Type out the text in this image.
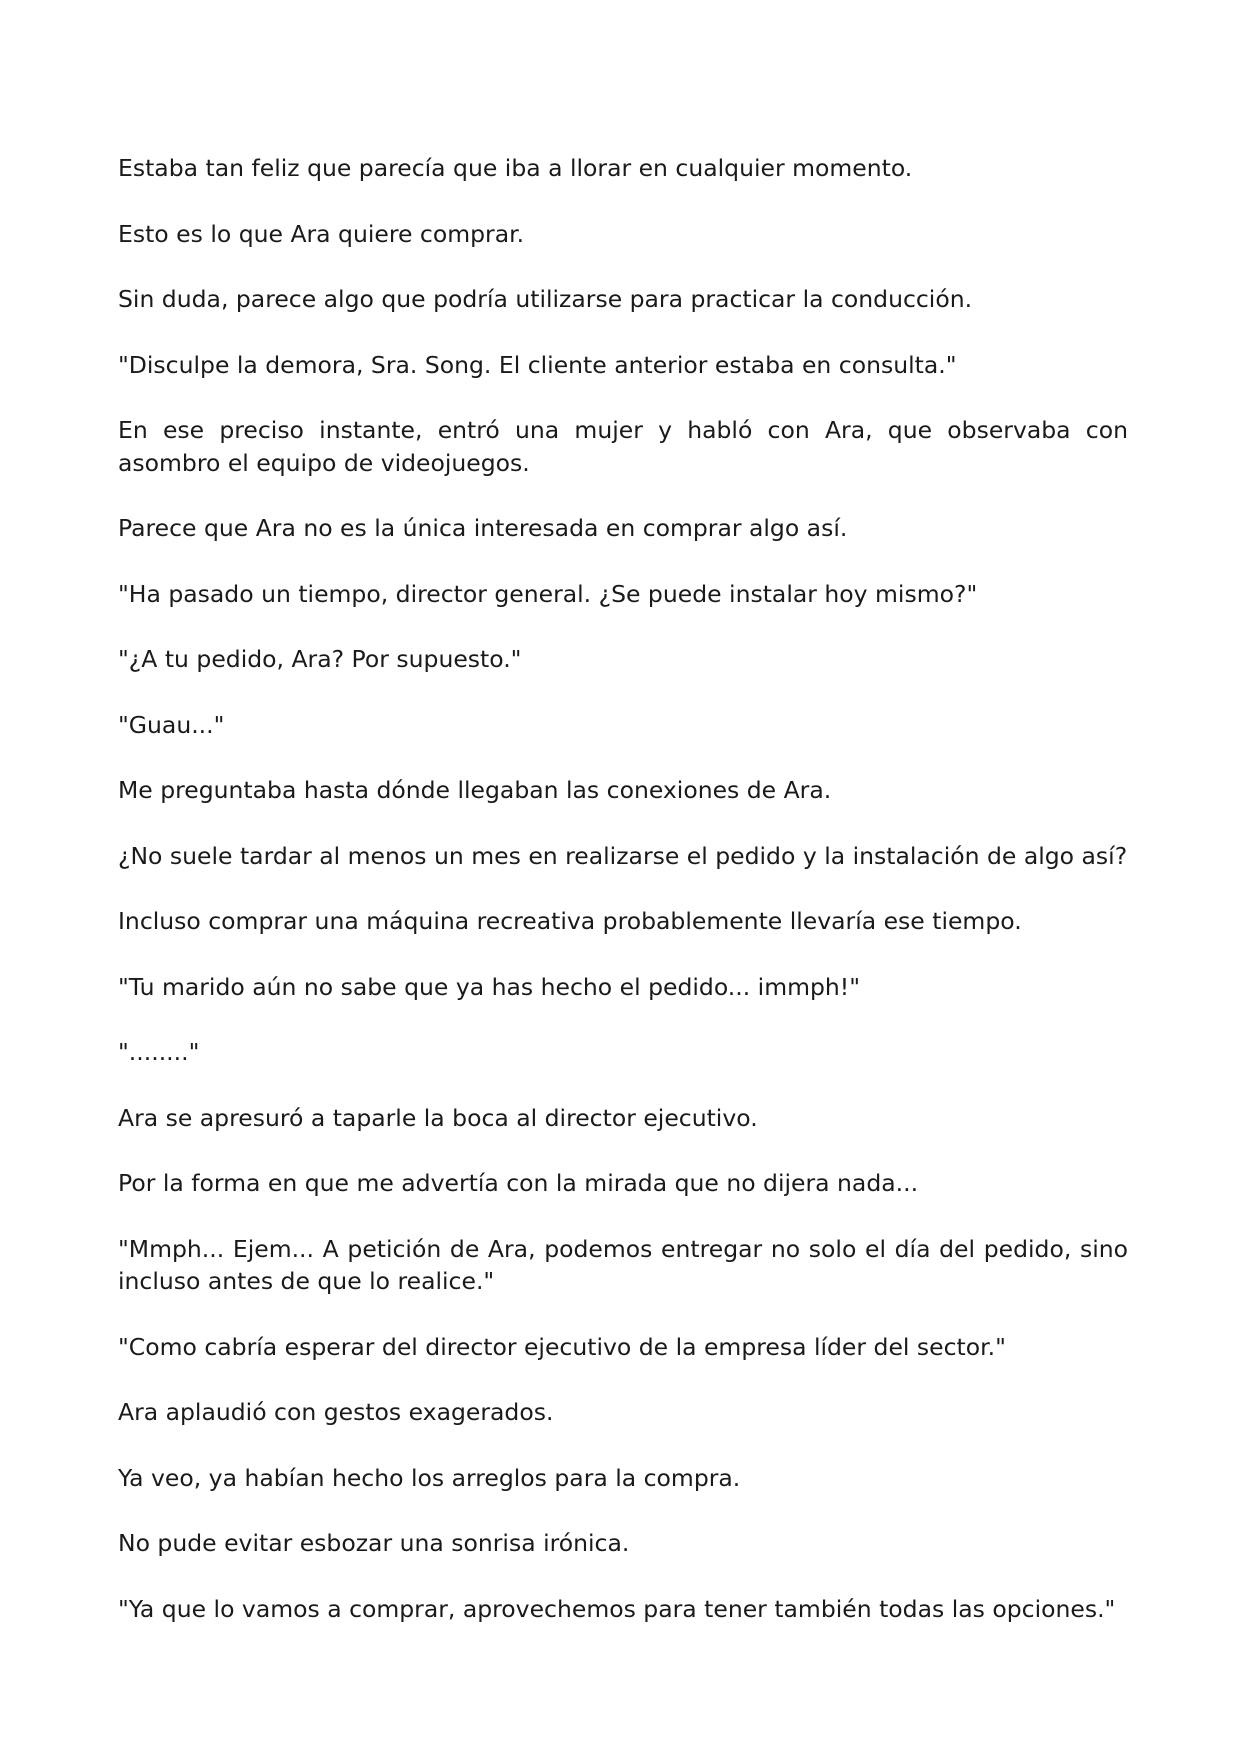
Estaba tan feliz que parecía que iba a llorar en cualquier momento.

Esto es lo que Ara quiere comprar.

Sin duda, parece algo que podría utilizarse para practicar la conducción.

"Disculpe la demora, Sra. Song. El cliente anterior estaba en consulta."

En ese preciso instante, entró una mujer y habló con Ara, que observaba con asombro el equipo de videojuegos.

Parece que Ara no es la única interesada en comprar algo así.

"Ha pasado un tiempo, director general. ¿Se puede instalar hoy mismo?"

"¿A tu pedido, Ara? Por supuesto."

"Guau..."

Me preguntaba hasta dónde llegaban las conexiones de Ara.

¿No suele tardar al menos un mes en realizarse el pedido y la instalación de algo así?

Incluso comprar una máquina recreativa probablemente llevaría ese tiempo.

"Tu marido aún no sabe que ya has hecho el pedido... immph!"

"........"

Ara se apresuró a taparle la boca al director ejecutivo.

Por la forma en que me advertía con la mirada que no dijera nada...

"Mmph... Ejem... A petición de Ara, podemos entregar no solo el día del pedido, sino incluso antes de que lo realice."

"Como cabría esperar del director ejecutivo de la empresa líder del sector."

Ara aplaudió con gestos exagerados.

Ya veo, ya habían hecho los arreglos para la compra.

No pude evitar esbozar una sonrisa irónica.

"Ya que lo vamos a comprar, aprovechemos para tener también todas las opciones."
